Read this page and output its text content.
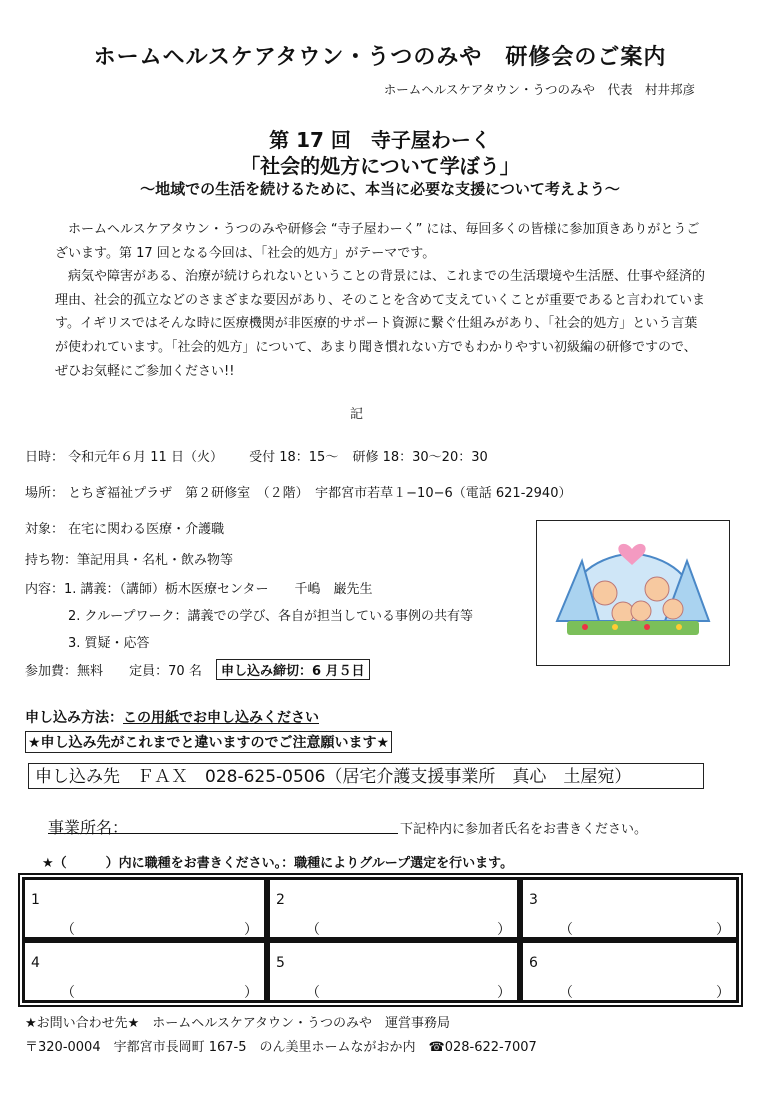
ホームヘルスケアタウン・うつのみや　研修会のご案内
ホームヘルスケアタウン・うつのみや　代表　村井邦彦
第 17 回　寺子屋わーく
「社会的処方について学ぼう」
～地域での生活を続けるために、本当に必要な支援について考えよう～

ホームヘルスケアタウン・うつのみや研修会 “寺子屋わーく” には、毎回多くの皆様に参加頂きありがとうございます。第 17 回となる今回は、「社会的処方」がテーマです。

病気や障害がある、治療が続けられないということの背景には、これまでの生活環境や生活歴、仕事や経済的理由、社会的孤立などのさまざまな要因があり、そのことを含めて支えていくことが重要であると言われています。イギリスではそんな時に医療機関が非医療的サポート資源に繋ぐ仕組みがあり、「社会的処方」という言葉が使われています。「社会的処方」について、あまり聞き慣れない方でもわかりやすい初級編の研修ですので、ぜひお気軽にご参加ください!!

記
日時： 令和元年６月 11 日（火） 受付 18：15～ 研修 18：30～20：30
場所： とちぎ福祉プラザ　第２研修室　（２階）　宇都宮市若草１−10−6（電話 621-2940）
対象： 在宅に関わる医療・介護職
持ち物：筆記用具・名札・飲み物等
内容：1. 講義：（講師）栃木医療センター　　千嶋　巌先生
2. クループワーク：講義での学び、各自が担当している事例の共有等
3. 質疑・応答
参加費：無料 定員：70 名 申し込み締切：6 月５日
申し込み方法：この用紙でお申し込みください
★申し込み先がこれまでと違いますのでご注意願います★
申し込み先　ＦＡＸ　028-625-0506（居宅介護支援事業所　真心　土屋宛）
事業所名：	下記枠内に参加者氏名をお書きください。
★（　　　）内に職種をお書きください。：職種によりグループ選定を行います。
1
（	）
2
（	）
3
（	）
4
（	）
5
（	）
6
（	）
★お問い合わせ先★　ホームヘルスケアタウン・うつのみや　運営事務局
〒320-0004　宇都宮市長岡町 167-5　のん美里ホームながおか内　☎028-622-7007
